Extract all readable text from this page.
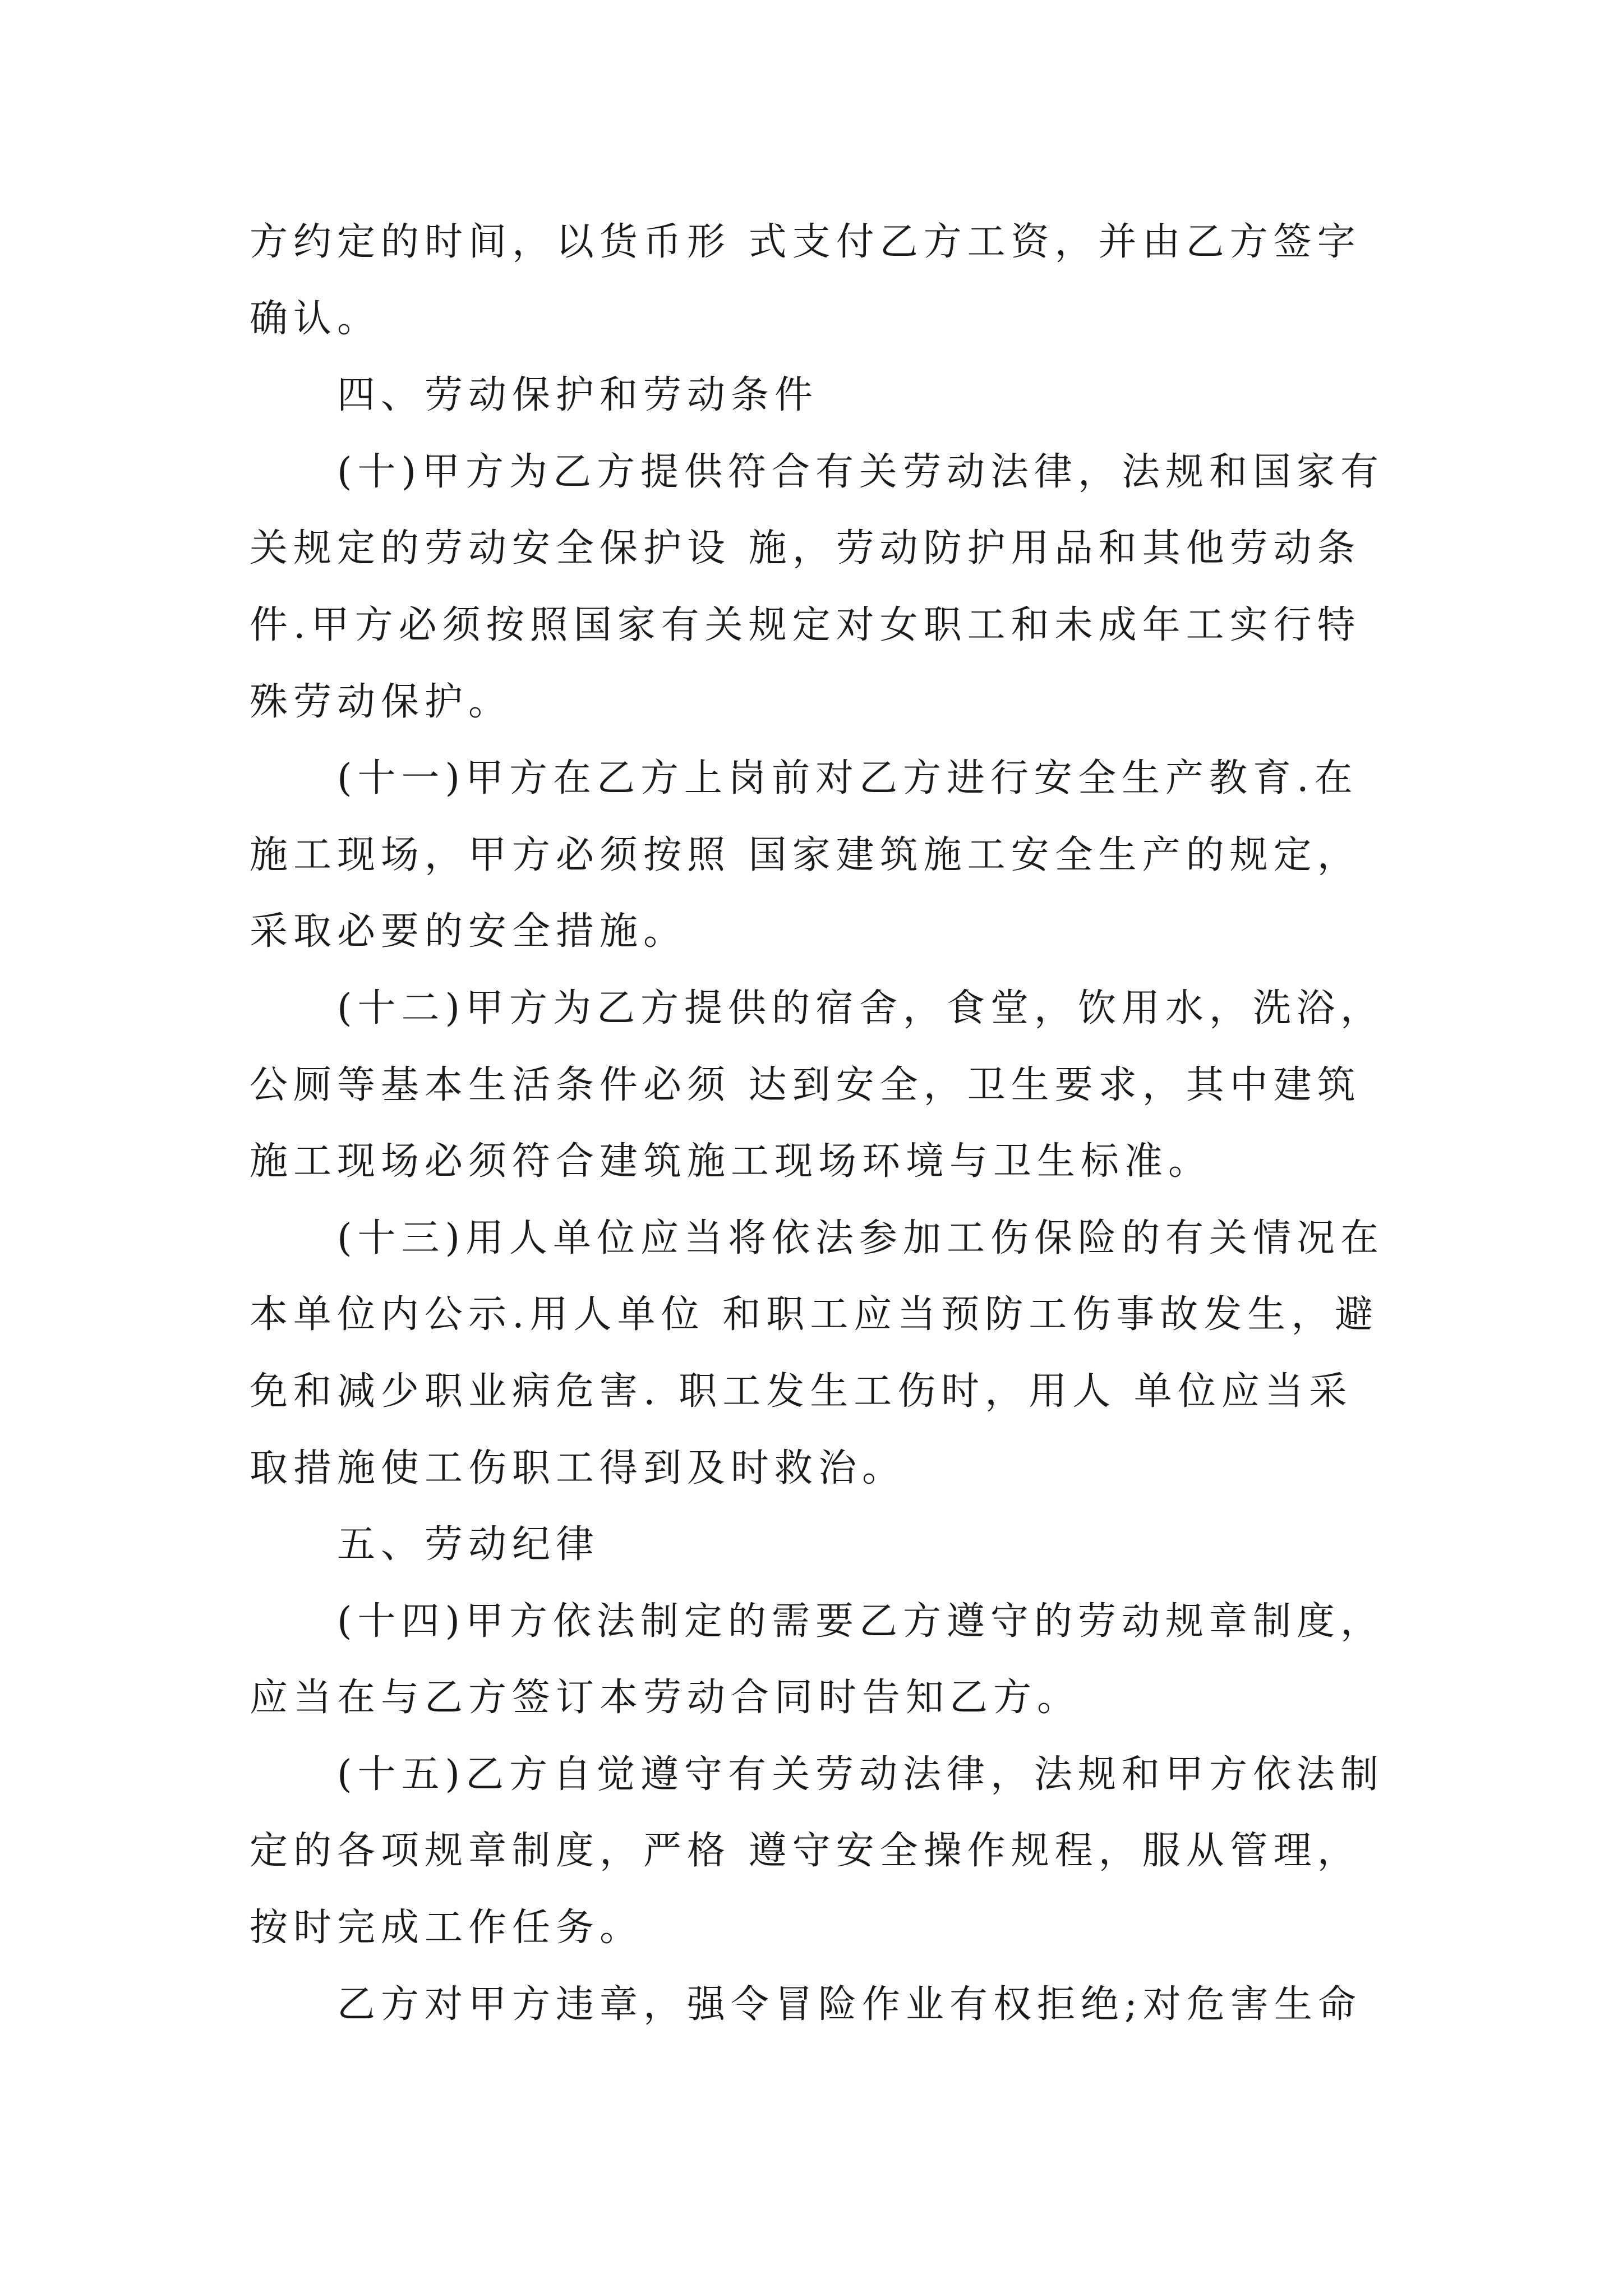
方约定的时间，以货币形 式支付乙方工资，并由乙方签字
确认。
四、劳动保护和劳动条件
(十)甲方为乙方提供符合有关劳动法律，法规和国家有
关规定的劳动安全保护设 施，劳动防护用品和其他劳动条
件.甲方必须按照国家有关规定对女职工和未成年工实行特
殊劳动保护。
(十一)甲方在乙方上岗前对乙方进行安全生产教育.在
施工现场，甲方必须按照 国家建筑施工安全生产的规定，
采取必要的安全措施。
(十二)甲方为乙方提供的宿舍，食堂，饮用水，洗浴，
公厕等基本生活条件必须 达到安全，卫生要求，其中建筑
施工现场必须符合建筑施工现场环境与卫生标准。
(十三)用人单位应当将依法参加工伤保险的有关情况在
本单位内公示.用人单位 和职工应当预防工伤事故发生，避
免和减少职业病危害. 职工发生工伤时，用人 单位应当采
取措施使工伤职工得到及时救治。
五、劳动纪律
(十四)甲方依法制定的需要乙方遵守的劳动规章制度，
应当在与乙方签订本劳动合同时告知乙方。
(十五)乙方自觉遵守有关劳动法律，法规和甲方依法制
定的各项规章制度，严格 遵守安全操作规程，服从管理，
按时完成工作任务。
乙方对甲方违章，强令冒险作业有权拒绝;对危害生命
